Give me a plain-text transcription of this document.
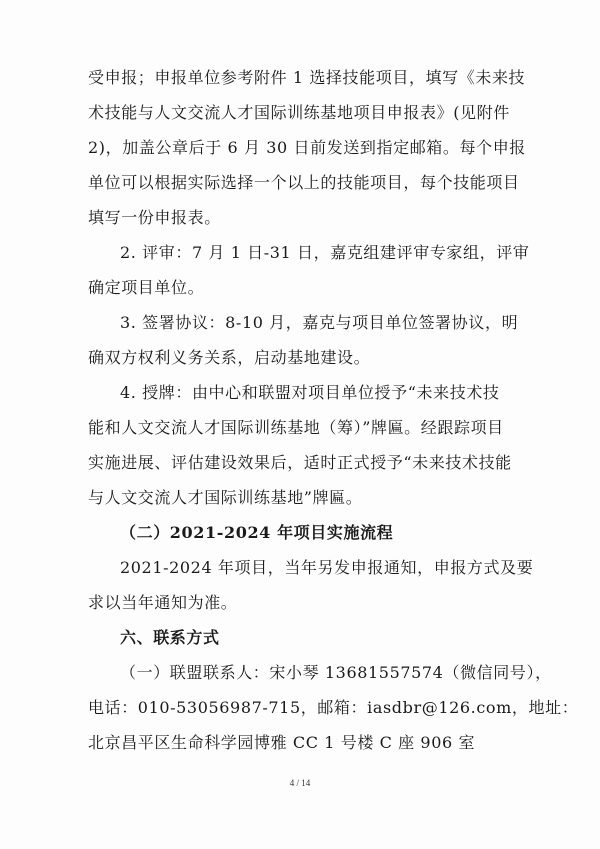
受申报；申报单位参考附件 1 选择技能项目，填写《未来技
术技能与人文交流人才国际训练基地项目申报表》(见附件
2)，加盖公章后于 6 月 30 日前发送到指定邮箱。每个申报
单位可以根据实际选择一个以上的技能项目，每个技能项目
填写一份申报表。
2. 评审：7 月 1 日-31 日，嘉克组建评审专家组，评审
确定项目单位。
3. 签署协议：8-10 月，嘉克与项目单位签署协议，明
确双方权利义务关系，启动基地建设。
4. 授牌：由中心和联盟对项目单位授予“未来技术技
能和人文交流人才国际训练基地（筹）”牌匾。经跟踪项目
实施进展、评估建设效果后，适时正式授予“未来技术技能
与人文交流人才国际训练基地”牌匾。
（二）2021-2024 年项目实施流程
2021-2024 年项目，当年另发申报通知，申报方式及要
求以当年通知为准。
六、联系方式
（一）联盟联系人：宋小琴 13681557574（微信同号），
电话：010-53056987-715，邮箱：iasdbr@126.com，地址：
北京昌平区生命科学园博雅 CC 1 号楼 C 座 906 室
4 / 14
